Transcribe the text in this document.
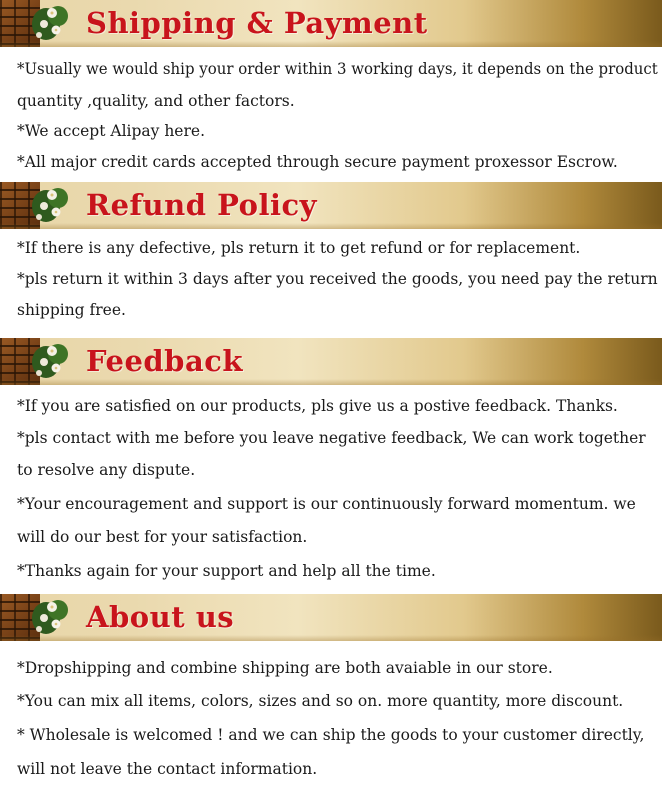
Shipping & Payment
*Usually we would ship your order within 3 working days, it depends on the product
quantity ,quality, and other factors.
*We accept Alipay here.
*All major credit cards accepted through secure payment proxessor Escrow.
Refund Policy
*If there is any defective, pls return it to get refund or for replacement.
*pls return it within 3 days after you received the goods, you need pay the return
shipping free.
Feedback
*If you are satisfied on our products, pls give us a postive feedback. Thanks.
*pls contact with me before you leave negative feedback, We can work together
to resolve any dispute.
*Your encouragement and support is our continuously forward momentum. we
will do our best for your satisfaction.
*Thanks again for your support and help all the time.
About us
*Dropshipping and combine shipping are both avaiable in our store.
*You can mix all items, colors, sizes and so on. more quantity, more discount.
* Wholesale is welcomed ! and we can ship the goods to your customer directly,
will not leave the contact information.
